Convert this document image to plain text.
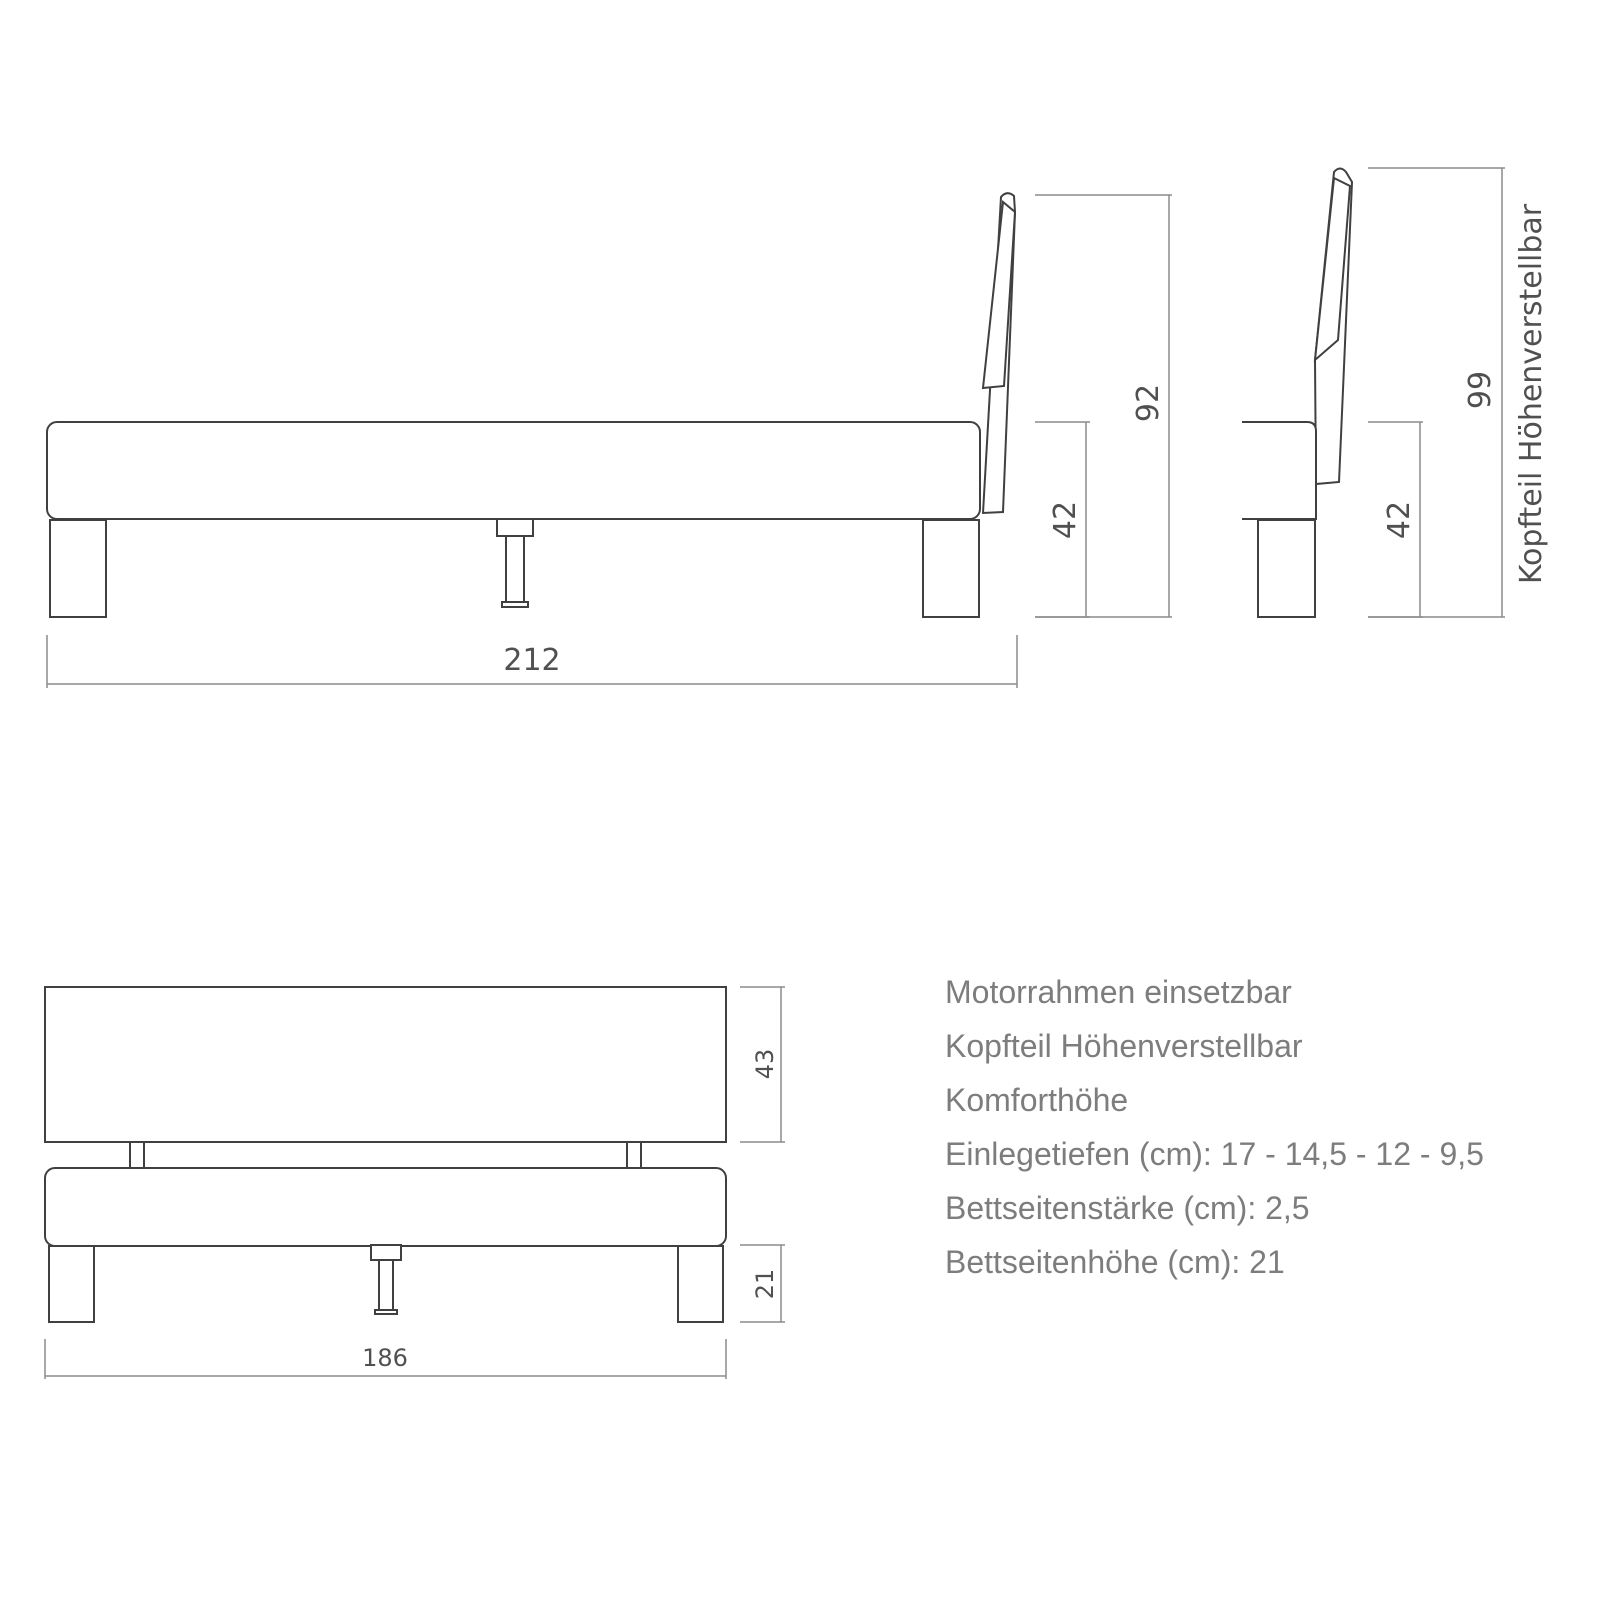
212
42
92
42
99 Kopfteil Höhenverstellbar
186
43
21
Motorrahmen einsetzbar
Kopfteil Höhenverstellbar
Komforthöhe
Einlegetiefen (cm): 17 - 14,5 - 12 - 9,5
Bettseitenstärke (cm): 2,5
Bettseitenhöhe (cm): 21
